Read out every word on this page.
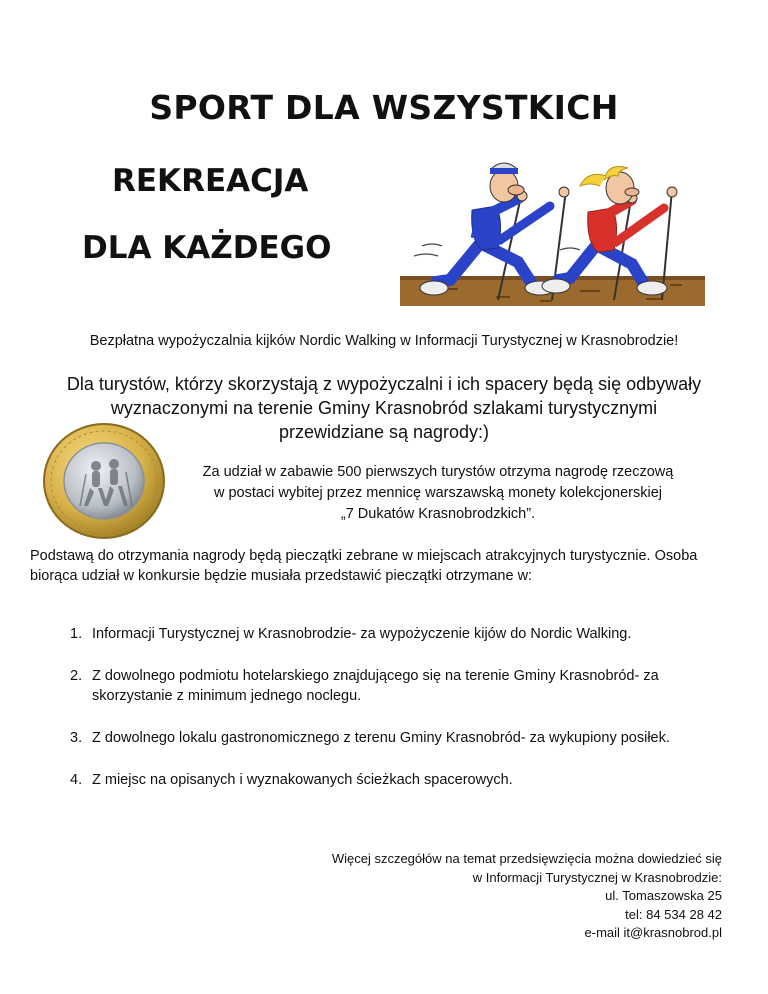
SPORT DLA WSZYSTKICH
REKREACJA
DLA KAŻDEGO

Bezpłatna wypożyczalnia kijków Nordic Walking w Informacji Turystycznej w Krasnobrodzie!

Dla turystów, którzy skorzystają z wypożyczalni i ich spacery będą się odbywały
wyznaczonymi na terenie Gminy Krasnobród szlakami turystycznymi
przewidziane są nagrody:)

Za udział w zabawie 500 pierwszych turystów otrzyma nagrodę rzeczową
w postaci wybitej przez mennicę warszawską monety kolekcjonerskiej
„7 Dukatów Krasnobrodzkich”.

Podstawą do otrzymania nagrody będą pieczątki zebrane w miejscach atrakcyjnych turystycznie. Osoba biorąca udział w konkursie będzie musiała przedstawić pieczątki otrzymane w:

1. Informacji Turystycznej w Krasnobrodzie- za wypożyczenie kijów do Nordic Walking.
2. Z dowolnego podmiotu hotelarskiego znajdującego się na terenie Gminy Krasnobród- za skorzystanie z minimum jednego noclegu.
3. Z dowolnego lokalu gastronomicznego z terenu Gminy Krasnobród- za wykupiony posiłek.
4. Z miejsc na opisanych i wyznakowanych ścieżkach spacerowych.
Więcej szczegółów na temat przedsięwzięcia można dowiedzieć się
w Informacji Turystycznej w Krasnobrodzie:
ul. Tomaszowska 25
tel: 84 534 28 42
e-mail it@krasnobrod.pl
